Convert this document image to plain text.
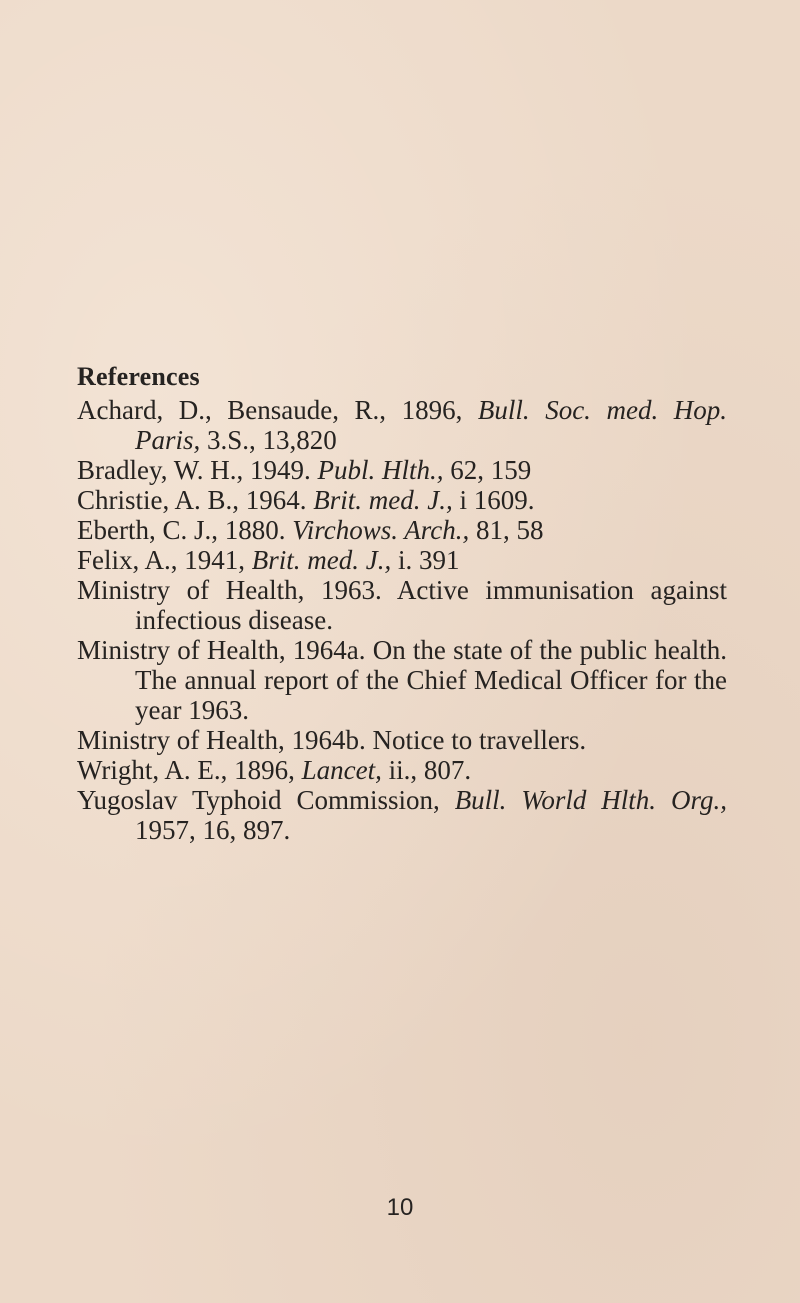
References
Achard, D., Bensaude, R., 1896, Bull. Soc. med. Hop. Paris, 3.S., 13,820
Bradley, W. H., 1949. Publ. Hlth., 62, 159
Christie, A. B., 1964. Brit. med. J., i 1609.
Eberth, C. J., 1880. Virchows. Arch., 81, 58
Felix, A., 1941, Brit. med. J., i. 391
Ministry of Health, 1963. Active immunisation against infectious disease.
Ministry of Health, 1964a. On the state of the public health. The annual report of the Chief Medical Officer for the year 1963.
Ministry of Health, 1964b. Notice to travellers.
Wright, A. E., 1896, Lancet, ii., 807.
Yugoslav Typhoid Commission, Bull. World Hlth. Org., 1957, 16, 897.
10
